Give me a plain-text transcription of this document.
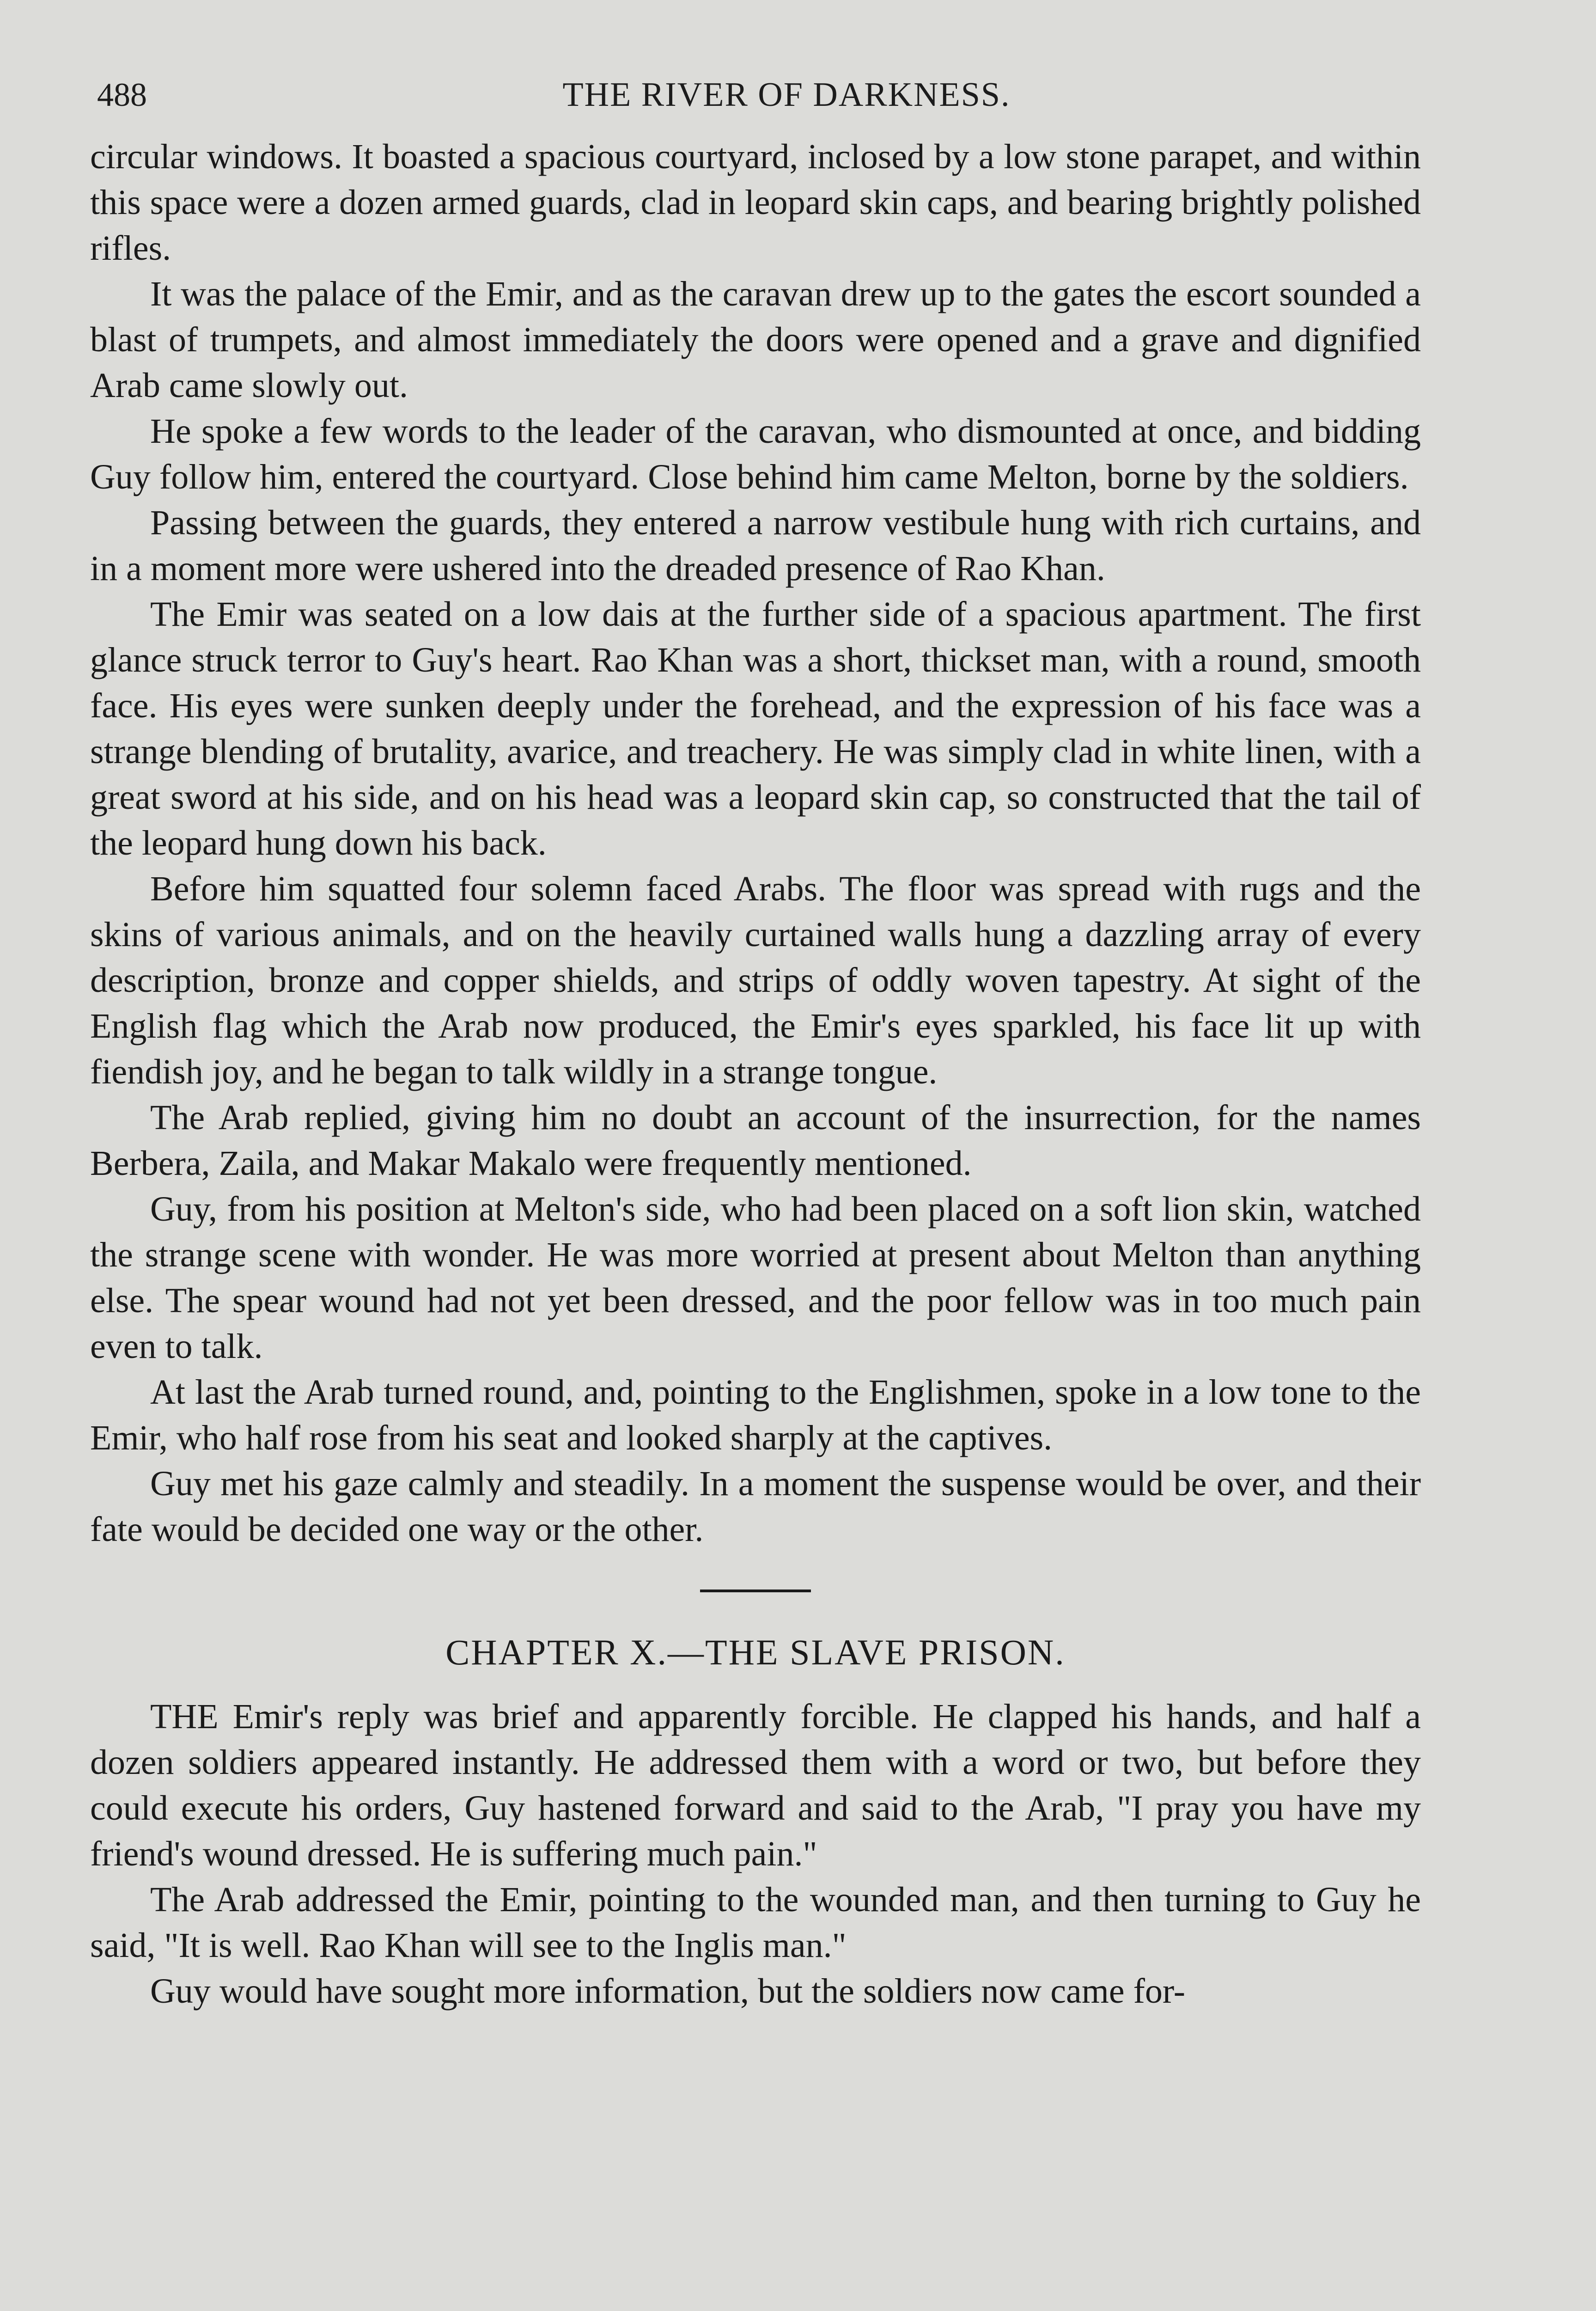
488	THE RIVER OF DARKNESS.

circular windows. It boasted a spacious courtyard, inclosed by a low stone parapet, and within this space were a dozen armed guards, clad in leopard skin caps, and bearing brightly polished rifles.

It was the palace of the Emir, and as the caravan drew up to the gates the escort sounded a blast of trumpets, and almost immediately the doors were opened and a grave and dignified Arab came slowly out.

He spoke a few words to the leader of the caravan, who dismounted at once, and bidding Guy follow him, entered the courtyard. Close behind him came Melton, borne by the soldiers.

Passing between the guards, they entered a narrow vestibule hung with rich curtains, and in a moment more were ushered into the dreaded presence of Rao Khan.

The Emir was seated on a low dais at the further side of a spacious apartment. The first glance struck terror to Guy's heart. Rao Khan was a short, thickset man, with a round, smooth face. His eyes were sunken deeply under the forehead, and the expression of his face was a strange blending of brutality, avarice, and treachery. He was simply clad in white linen, with a great sword at his side, and on his head was a leopard skin cap, so constructed that the tail of the leopard hung down his back.

Before him squatted four solemn faced Arabs. The floor was spread with rugs and the skins of various animals, and on the heavily curtained walls hung a dazzling array of every description, bronze and copper shields, and strips of oddly woven tapestry. At sight of the English flag which the Arab now produced, the Emir's eyes sparkled, his face lit up with fiendish joy, and he began to talk wildly in a strange tongue.

The Arab replied, giving him no doubt an account of the insurrection, for the names Berbera, Zaila, and Makar Makalo were frequently mentioned.

Guy, from his position at Melton's side, who had been placed on a soft lion skin, watched the strange scene with wonder. He was more worried at present about Melton than anything else. The spear wound had not yet been dressed, and the poor fellow was in too much pain even to talk.

At last the Arab turned round, and, pointing to the Englishmen, spoke in a low tone to the Emir, who half rose from his seat and looked sharply at the captives.

Guy met his gaze calmly and steadily. In a moment the suspense would be over, and their fate would be decided one way or the other.

CHAPTER X.—THE SLAVE PRISON.

THE Emir's reply was brief and apparently forcible. He clapped his hands, and half a dozen soldiers appeared instantly. He addressed them with a word or two, but before they could execute his orders, Guy hastened forward and said to the Arab, "I pray you have my friend's wound dressed. He is suffering much pain."

The Arab addressed the Emir, pointing to the wounded man, and then turning to Guy he said, "It is well. Rao Khan will see to the Inglis man."

Guy would have sought more information, but the soldiers now came for-
